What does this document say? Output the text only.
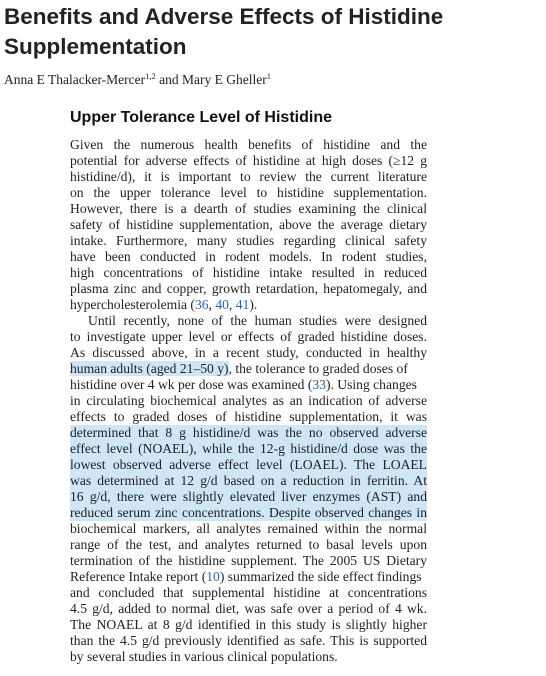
Benefits and Adverse Effects of Histidine
Supplementation
Anna E Thalacker-Mercer$^{1,2}$ and Mary E Gheller$^1$
Upper Tolerance Level of Histidine
Given the numerous health benefits of histidine and the
potential for adverse effects of histidine at high doses (≥12 g
histidine/d), it is important to review the current literature
on the upper tolerance level to histidine supplementation.
However, there is a dearth of studies examining the clinical
safety of histidine supplementation, above the average dietary
intake. Furthermore, many studies regarding clinical safety
have been conducted in rodent models. In rodent studies,
high concentrations of histidine intake resulted in reduced
plasma zinc and copper, growth retardation, hepatomegaly, and
hypercholesterolemia (36, 40, 41).
Until recently, none of the human studies were designed
to investigate upper level or effects of graded histidine doses.
As discussed above, in a recent study, conducted in healthy
human adults (aged 21–50 y), the tolerance to graded doses of
histidine over 4 wk per dose was examined (33). Using changes
in circulating biochemical analytes as an indication of adverse
effects to graded doses of histidine supplementation, it was
determined that 8 g histidine/d was the no observed adverse
effect level (NOAEL), while the 12-g histidine/d dose was the
lowest observed adverse effect level (LOAEL). The LOAEL
was determined at 12 g/d based on a reduction in ferritin. At
16 g/d, there were slightly elevated liver enzymes (AST) and
reduced serum zinc concentrations. Despite observed changes in
biochemical markers, all analytes remained within the normal
range of the test, and analytes returned to basal levels upon
termination of the histidine supplement. The 2005 US Dietary
Reference Intake report (10) summarized the side effect findings
and concluded that supplemental histidine at concentrations
4.5 g/d, added to normal diet, was safe over a period of 4 wk.
The NOAEL at 8 g/d identified in this study is slightly higher
than the 4.5 g/d previously identified as safe. This is supported
by several studies in various clinical populations.
